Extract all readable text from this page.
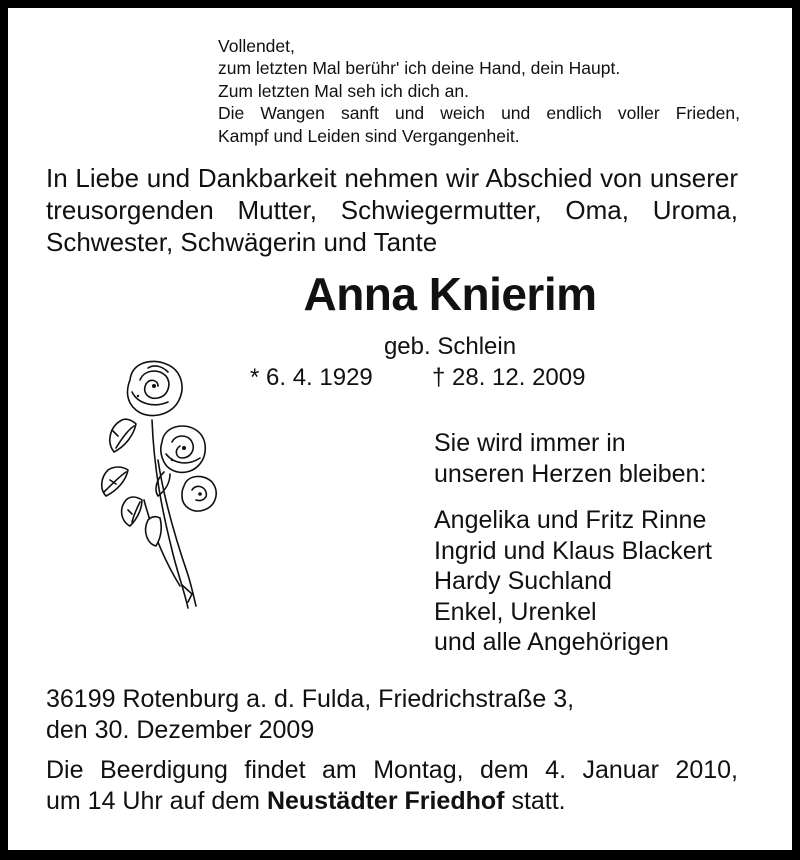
Vollendet,
zum letzten Mal berühr' ich deine Hand, dein Haupt.
Zum letzten Mal seh ich dich an.
Die Wangen sanft und weich und endlich voller Frieden,
Kampf und Leiden sind Vergangenheit.
In Liebe und Dankbarkeit nehmen wir Abschied von unserer
treusorgenden Mutter, Schwiegermutter, Oma, Uroma,
Schwester, Schwägerin und Tante
Anna Knierim
geb. Schlein
* 6. 4. 1929 † 28. 12. 2009
Sie wird immer in
unseren Herzen bleiben:
Angelika und Fritz Rinne
Ingrid und Klaus Blackert
Hardy Suchland
Enkel, Urenkel
und alle Angehörigen
36199 Rotenburg a. d. Fulda, Friedrichstraße 3,
den 30. Dezember 2009
Die Beerdigung findet am Montag, dem 4. Januar 2010,
um 14 Uhr auf dem Neustädter Friedhof statt.
